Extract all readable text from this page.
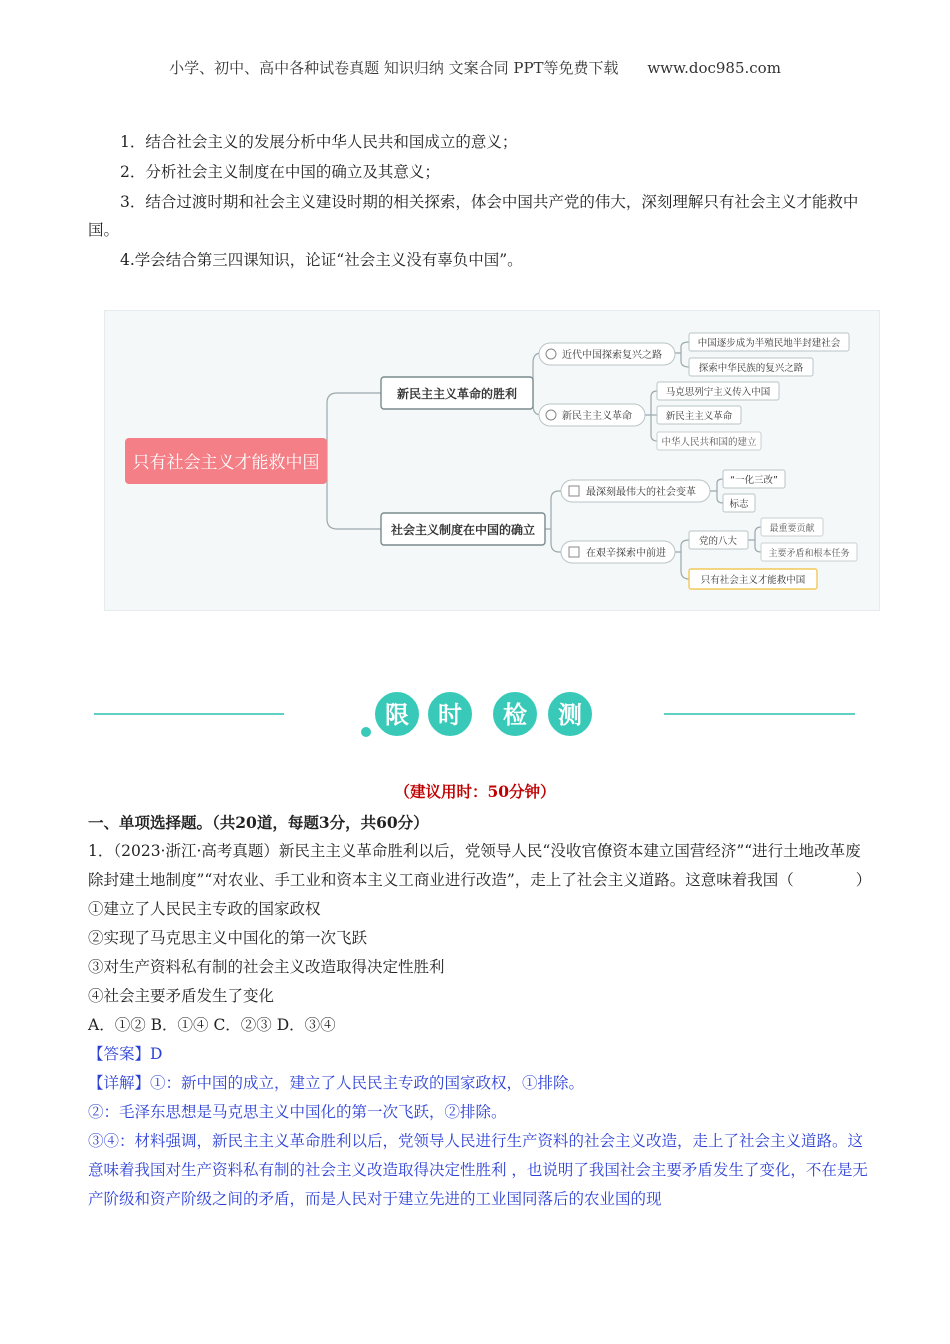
小学、初中、高中各种试卷真题 知识归纳 文案合同 PPT等免费下载 www.doc985.com

1．结合社会主义的发展分析中华人民共和国成立的意义；

2．分析社会主义制度在中国的确立及其意义；

3．结合过渡时期和社会主义建设时期的相关探索，体会中国共产党的伟大，深刻理解只有社会主义才能救中国。

4.学会结合第三四课知识，论证“社会主义没有辜负中国”。

只有社会主义才能救中国
新民主主义革命的胜利
近代中国探索复兴之路
中国逐步成为半殖民地半封建社会
探索中华民族的复兴之路
新民主主义革命
马克思列宁主义传入中国
新民主主义革命
中华人民共和国的建立
社会主义制度在中国的确立
最深刻最伟大的社会变革
“一化三改”
标志
在艰辛探索中前进
党的八大
最重要贡献
主要矛盾和根本任务
只有社会主义才能救中国
限 时 检 测
（建议用时：50分钟）

一、单项选择题。（共20道，每题3分，共60分）

1．（2023·浙江·高考真题）新民主主义革命胜利以后，党领导人民“没收官僚资本建立国营经济”“进行土地改革废除封建土地制度”“对农业、手工业和资本主义工商业进行改造”，走上了社会主义道路。这意味着我国（　　　　）

①建立了人民民主专政的国家政权

②实现了马克思主义中国化的第一次飞跃

③对生产资料私有制的社会主义改造取得决定性胜利

④社会主要矛盾发生了变化

A．①② B．①④ C．②③ D．③④

【答案】D

【详解】①：新中国的成立，建立了人民民主专政的国家政权，①排除。

②：毛泽东思想是马克思主义中国化的第一次飞跃，②排除。

③④：材料强调，新民主主义革命胜利以后，党领导人民进行生产资料的社会主义改造，走上了社会主义道路。这意味着我国对生产资料私有制的社会主义改造取得决定性胜利 ，也说明了我国社会主要矛盾发生了变化，不在是无产阶级和资产阶级之间的矛盾，而是人民对于建立先进的工业国同落后的农业国的现
